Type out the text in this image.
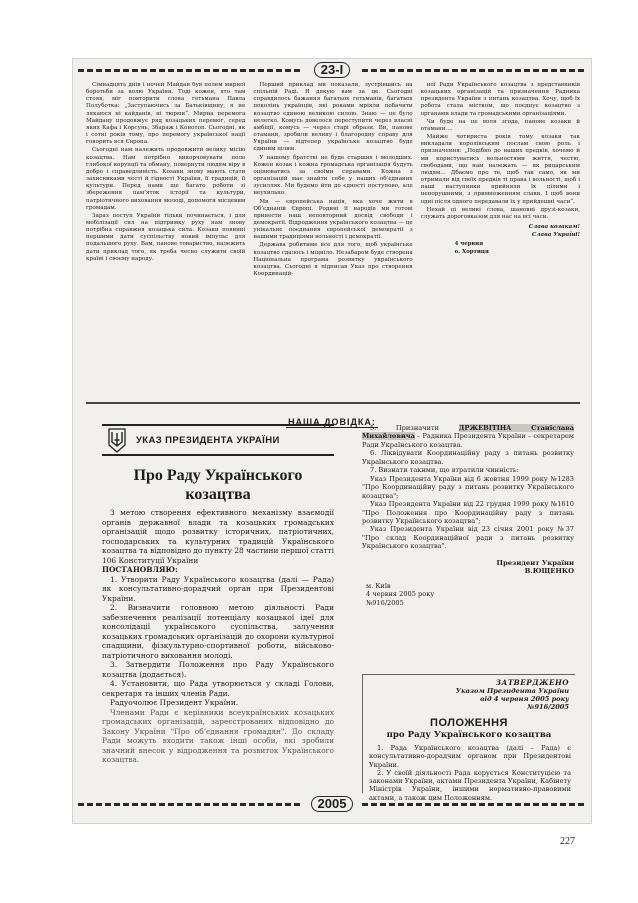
23-I

Сімнадцять днів і ночей Майдан був полем мирної боротьби за волю України. Тоді кожен, хто там стояв, міг повторити слова гетьмана Павла Полуботка: „Заступаючись за Батьківщину, я не лякаюся ні кайданів, ні тюрми“. Мирна перемога Майдану продовжує ряд козацьких перемог, серед яких Кафа і Корсунь, Збараж і Конотоп. Сьогодні, як і сотні років тому, про перемогу української нації говорить вся Європа.

Сьогодні нам належить продовжити велику місію козацтва. Нам потрібно викорчовувати поле глибокої корупції та обману, повернути людям віру в добро і справедливість. Козаки знову мають стати захисниками честі й гідності України, її традицій, її культури. Перед нами ще багато роботи зі збереження пам’яток історії та культури, патріотичного виховання молоді, допомоги місцевим громадам.

Зараз поступ України тільки починається, і для мобілізації сил на підтримку руху нам знову потрібна справжня козацька сила. Козаки повинні першими дати суспільству новий імпульс для подальшого руху. Вам, панове товариство, належить дати приклад того, як треба чесно служити своїй країні і своєму народу.

Перший приклад ми показали, зустрівшись на спільній Раді. Я дякую вам за це. Сьогодні справдилось бажання багатьох гетьманів, багатьох поколінь українців, які роками мріяли побачити козацтво єдиною великою силою. Знаю — це було нелегко. Комусь довелося переступити через власні амбіції, комусь — через старі образи. Ви, панове отамани, зробили велику і благородну справу для України — відтепер українське козацтво буде єдиним цілим.

У нашому братстві не буде старших і молодших. Кожен козак і кожна громадська організація будуть оцінюватись за своїми справами. Кожна з організацій має знайти себе у наших об’єднаних зусиллях. Ми будемо йти до єдності поступово, але неухильно.

Ми — європейська нація, яка хоче жити в Об’єднаній Європі. Родині її народів ми готові принести наш неповторний досвід свободи і демократії. Відродження українського козацтва — це унікальне поєднання європейської демократії з нашими традиціями вольності і демократії.

Держава робитиме все для того, щоб українське козацтво сдалось і міцніло. Незабаром буде створена Національна програма розвитку українського козацтва. Сьогодні я підписав Указ про створення Координацій-

ної Ради Українського козацтва з представників козацьких організацій та призначення Радника президента України з питань козацтва. Хочу, щоб їх робота стала містком, що поєднує козацтво з органами влади та громадськими організаціями.

Чи буде на це воля згода, панове козаки й отамани....

Майже чотириста років тому козаки так викладали королівським послам свою роль і призначення: „Подібно до наших предків, хочемо й ми користуватись вольностями життя, честю, свободами, що нам належать — як рицарським людям... Дбаємо про те, щоб так само, як ми отримали від своїх предків ті права і вольності, щоб і наші наступники прийняли їх цілими і непорушними, з примноженням слави. І щоб вони одні після одного передавали їх у прийдешні часи“.

Нехай ці великі слова, шановні друзі-козаки, служать дороговказом для нас на всі часи.

Слава козакам!

Слава Україні!

4 червня

о. Хортиця

НАША ДОВІДКА:
УКАЗ ПРЕЗИДЕНТА УКРАЇНИ
Про Раду Українського
козацтва

З метою створення ефективного механізму взаємодії органів державної влади та козацьких громадських організацій щодо розвитку історичних, патріотичних, господарських та культурних традицій Українського козацтва та відповідно до пункту 28 частини першої статті 106 Конституції України

ПОСТАНОВЛЯЮ:

1. Утворити Раду Українського козацтва (далі — Рада) як консультативно-дорадчий орган при Президентові України.

2. Визначити головною метою діяльності Ради забезпечення реалізації потенціалу козацької ідеї для консолідації українського суспільства, залучення козацьких громадських організацій до охорони культурної спадщини, фізкультурно-спортивної роботи, військово-патріотичного виховання молоді.

3. Затвердити Положення про Раду Українського козацтва (додається).

4. Установити, що Рада утворюється у складі Голови, секретаря та інших членів Ради.

Радуочолює Президент України.

Членами Ради є керівники всеукраїнських козацьких громадських організацій, зареєстрованих відповідно до Закону України "Про об’єднання громадян". До складу Ради можуть входити також інші особи, які зробили значний внесок у відродження та розвиток Українського козацтва.

5. Призначити ДРЖЕВІТІНА Станіслава Михайловича – Радника Президента України – секретарем Ради Українського козацтва.

6. Ліквідувати Координаційну раду з питань розвитку Українського козацтва.

7. Визнати такими, що втратили чинність:

Указ Президента України від 6 жовтня 1999 року №1283 "Про Координаційну раду з питань розвитку Українського козацтва";

Указ Президента України від 22 грудня 1999 року №1610 "Про Положення про Координаційну раду з питань розвитку Українського козацтва";

Указ Президента України від 23 січня 2001 року №37 "Про склад Координаційної ради з питань розвитку Українського козацтва".

Президент України
В.ЮЩЕНКО
м. Київ
4 червня 2005 року
№916/2005
ЗАТВЕРДЖЕНО
Указом Президента України
від 4 червня 2005 року
№916/2005
ПОЛОЖЕННЯ
про Раду Українського козацтва

1. Рада Українського козацтва (далі – Рада) є консультативно-дорадчим органом при Президентові України.

2. У своїй діяльності Рада керується Конституцією та законами України, актами Президента України, Кабінету Міністрів України, іншими нормативно-правовими актами, а також цим Положенням.

2005
227
